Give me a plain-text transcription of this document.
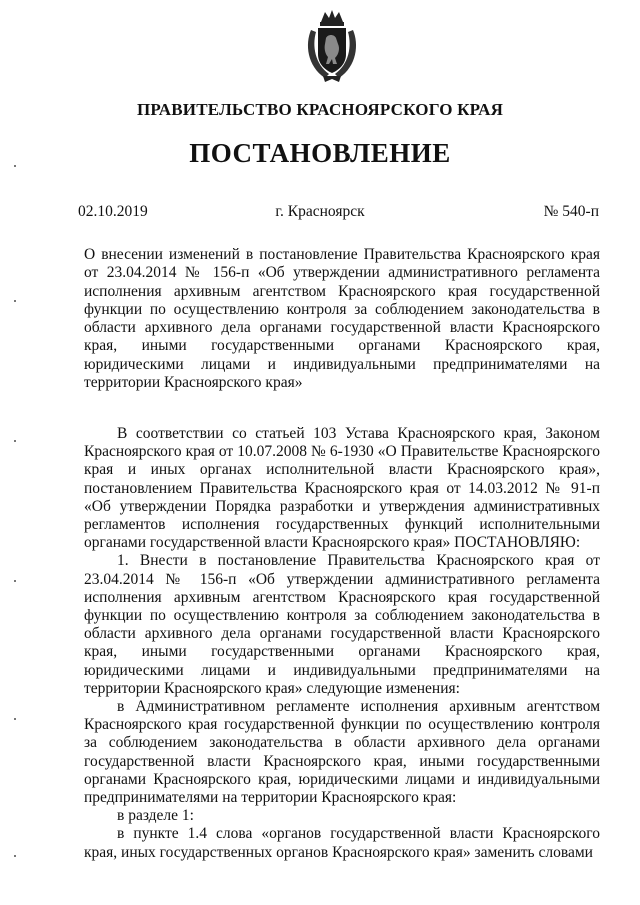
ПРАВИТЕЛЬСТВО КРАСНОЯРСКОГО КРАЯ
ПОСТАНОВЛЕНИЕ
02.10.2019	г. Красноярск	№ 540-п
О внесении изменений в постановление Правительства Красноярского края от 23.04.2014 № 156-п «Об утверждении административного регламента исполнения архивным агентством Красноярского края государственной функции по осуществлению контроля за соблюдением законодательства в области архивного дела органами государственной власти Красноярского края, иными государственными органами Красноярского края, юридическими лицами и индивидуальными предпринимателями на территории Красноярского края»

В соответствии со статьей 103 Устава Красноярского края, Законом Красноярского края от 10.07.2008 № 6-1930 «О Правительстве Красноярского края и иных органах исполнительной власти Красноярского края», постановлением Правительства Красноярского края от 14.03.2012 № 91-п «Об утверждении Порядка разработки и утверждения административных регламентов исполнения государственных функций исполнительными органами государственной власти Красноярского края» ПОСТАНОВЛЯЮ:

1. Внести в постановление Правительства Красноярского края от 23.04.2014 № 156-п «Об утверждении административного регламента исполнения архивным агентством Красноярского края государственной функции по осуществлению контроля за соблюдением законодательства в области архивного дела органами государственной власти Красноярского края, иными государственными органами Красноярского края, юридическими лицами и индивидуальными предпринимателями на территории Красноярского края» следующие изменения:

в Административном регламенте исполнения архивным агентством Красноярского края государственной функции по осуществлению контроля за соблюдением законодательства в области архивного дела органами государственной власти Красноярского края, иными государственными органами Красноярского края, юридическими лицами и индивидуальными предпринимателями на территории Красноярского края:

в разделе 1:

в пункте 1.4 слова «органов государственной власти Красноярского края, иных государственных органов Красноярского края» заменить словами
